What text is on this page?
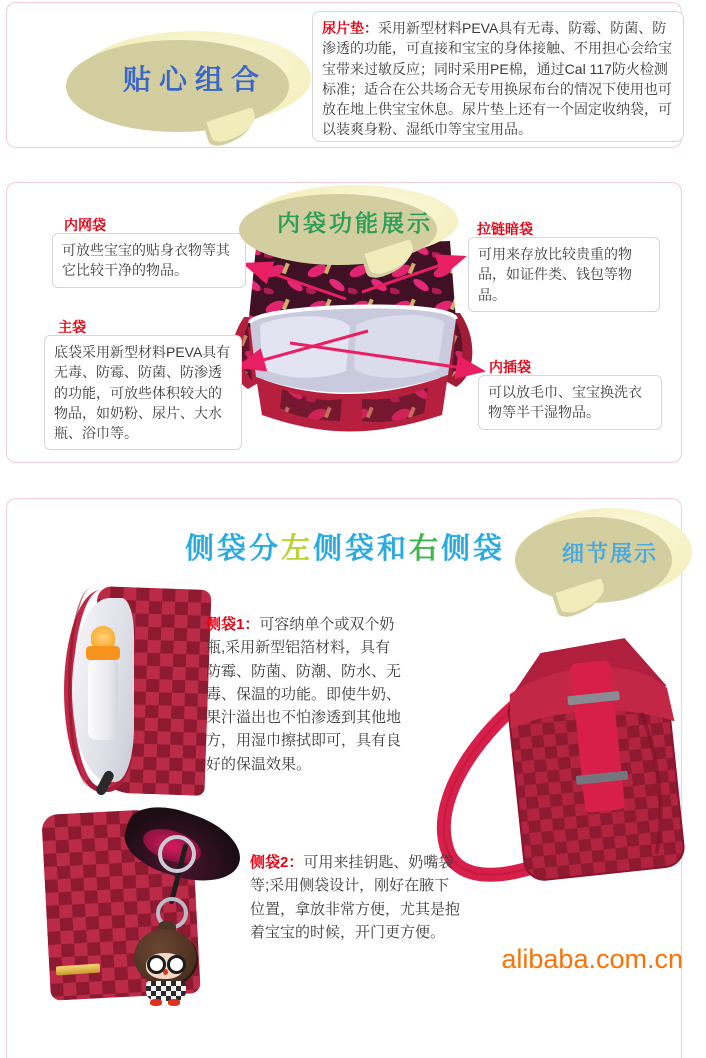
贴心组合
尿片垫：采用新型材料PEVA具有无毒、防霉、防菌、防渗透的功能，可直接和宝宝的身体接触、不用担心会给宝宝带来过敏反应；同时采用PE棉，通过Cal 117防火检测标准；适合在公共场合无专用换尿布台的情况下使用也可放在地上供宝宝休息。尿片垫上还有一个固定收纳袋，可以装爽身粉、湿纸巾等宝宝用品。
内袋功能展示
内网袋
可放些宝宝的贴身衣物等其它比较干净的物品。
拉链暗袋
可用来存放比较贵重的物品，如证件类、钱包等物品。
主袋
底袋采用新型材料PEVA具有无毒、防霉、防菌、防渗透的功能，可放些体积较大的物品，如奶粉、尿片、大水瓶、浴巾等。
内插袋
可以放毛巾、宝宝换洗衣物等半干湿物品。
侧袋分左侧袋和右侧袋	细节展示

侧袋1：可容纳单个或双个奶瓶,采用新型铝箔材料，具有防霉、防菌、防潮、防水、无毒、保温的功能。即使牛奶、果汁溢出也不怕渗透到其他地方，用湿巾擦拭即可，具有良好的保温效果。

侧袋2：可用来挂钥匙、奶嘴袋等;采用侧袋设计，刚好在腋下位置，拿放非常方便，尤其是抱着宝宝的时候，开门更方便。

alibaba.com.cn
